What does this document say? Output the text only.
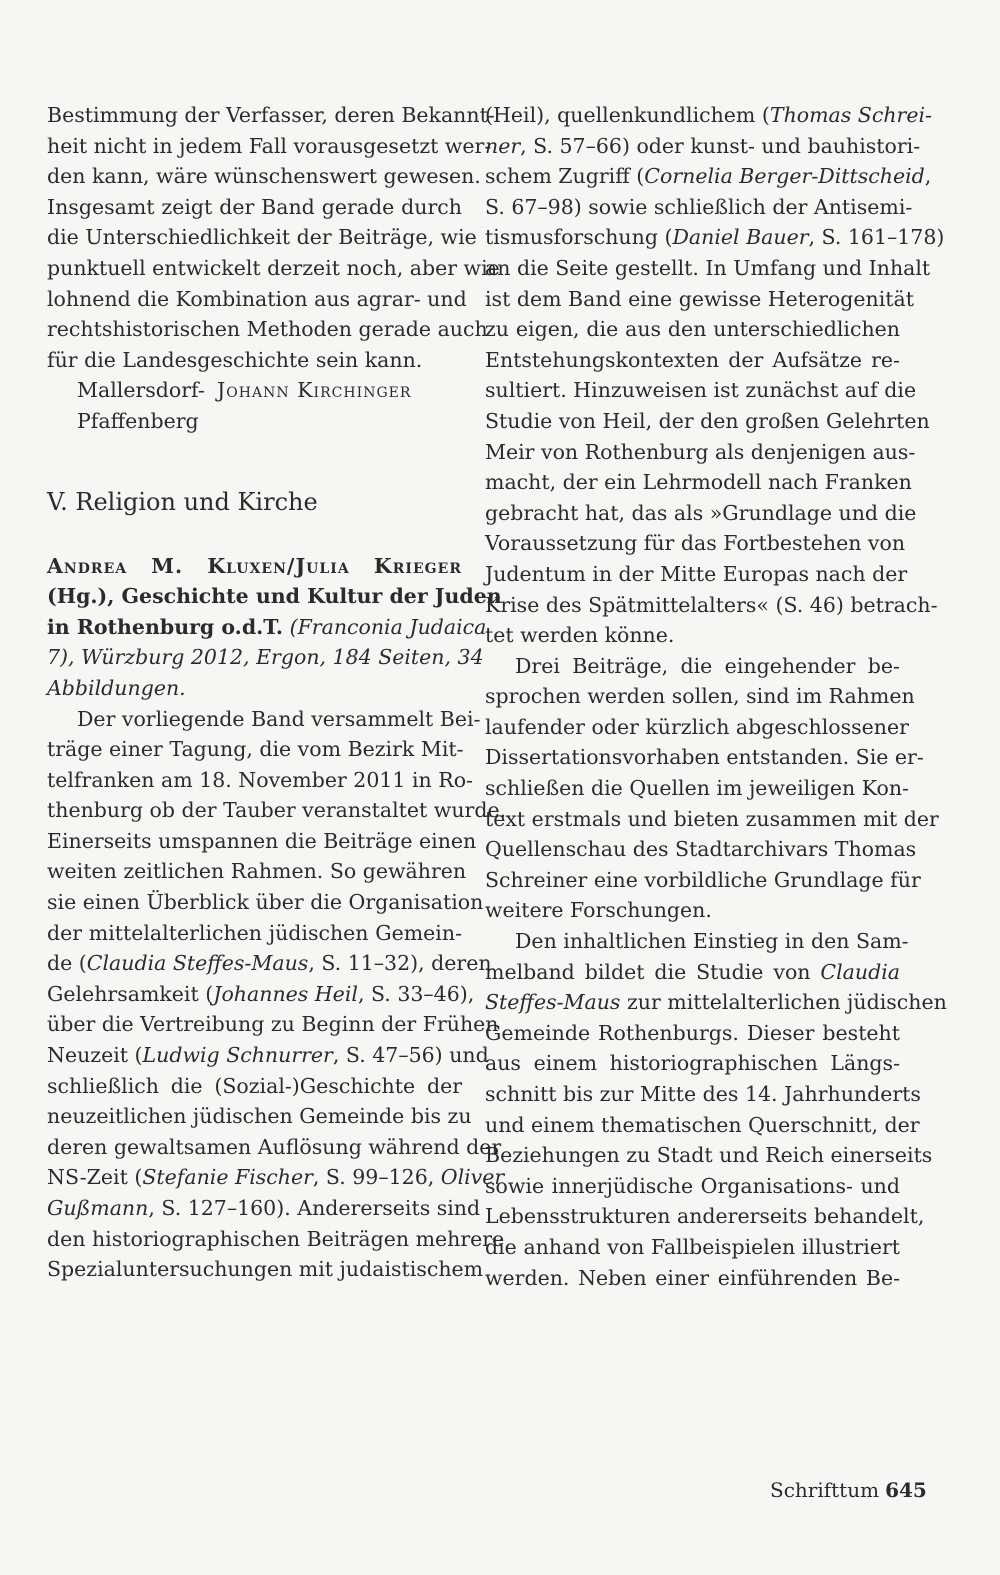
Bestimmung der Verfasser, deren Bekannt-
heit nicht in jedem Fall vorausgesetzt wer-
den kann, wäre wünschenswert gewesen.
Insgesamt zeigt der Band gerade durch
die Unterschiedlichkeit der Beiträge, wie
punktuell entwickelt derzeit noch, aber wie
lohnend die Kombination aus agrar- und
rechtshistorischen Methoden gerade auch
für die Landesgeschichte sein kann.
Mallersdorf- Johann Kirchinger
Pfaffenberg
V. Religion und Kirche
Andrea M. Kluxen/Julia Krieger
(Hg.), Geschichte und Kultur der Juden
in Rothenburg o.d.T. (Franconia Judaica
7), Würzburg 2012, Ergon, 184 Seiten, 34
Abbildungen.
Der vorliegende Band versammelt Bei-
träge einer Tagung, die vom Bezirk Mit-
telfranken am 18. November 2011 in Ro-
thenburg ob der Tauber veranstaltet wurde.
Einerseits umspannen die Beiträge einen
weiten zeitlichen Rahmen. So gewähren
sie einen Überblick über die Organisation
der mittelalterlichen jüdischen Gemein-
de (Claudia Steffes-Maus, S. 11–32), deren
Gelehrsamkeit (Johannes Heil, S. 33–46),
über die Vertreibung zu Beginn der Frühen
Neuzeit (Ludwig Schnurrer, S. 47–56) und
schließlich die (Sozial-)Geschichte der
neuzeitlichen jüdischen Gemeinde bis zu
deren gewaltsamen Auflösung während der
NS-Zeit (Stefanie Fischer, S. 99–126, Oliver
Gußmann, S. 127–160). Andererseits sind
den historiographischen Beiträgen mehrere
Spezialuntersuchungen mit judaistischem
(Heil), quellenkundlichem (Thomas Schrei-
ner, S. 57–66) oder kunst- und bauhistori-
schem Zugriff (Cornelia Berger-Dittscheid,
S. 67–98) sowie schließlich der Antisemi-
tismusforschung (Daniel Bauer, S. 161–178)
an die Seite gestellt. In Umfang und Inhalt
ist dem Band eine gewisse Heterogenität
zu eigen, die aus den unterschiedlichen
Entstehungskontexten der Aufsätze re-
sultiert. Hinzuweisen ist zunächst auf die
Studie von Heil, der den großen Gelehrten
Meir von Rothenburg als denjenigen aus-
macht, der ein Lehrmodell nach Franken
gebracht hat, das als »Grundlage und die
Voraussetzung für das Fortbestehen von
Judentum in der Mitte Europas nach der
Krise des Spätmittelalters« (S. 46) betrach-
tet werden könne.
Drei Beiträge, die eingehender be-
sprochen werden sollen, sind im Rahmen
laufender oder kürzlich abgeschlossener
Dissertationsvorhaben entstanden. Sie er-
schließen die Quellen im jeweiligen Kon-
text erstmals und bieten zusammen mit der
Quellenschau des Stadtarchivars Thomas
Schreiner eine vorbildliche Grundlage für
weitere Forschungen.
Den inhaltlichen Einstieg in den Sam-
melband bildet die Studie von Claudia
Steffes-Maus zur mittelalterlichen jüdischen
Gemeinde Rothenburgs. Dieser besteht
aus einem historiographischen Längs-
schnitt bis zur Mitte des 14. Jahrhunderts
und einem thematischen Querschnitt, der
Beziehungen zu Stadt und Reich einerseits
sowie innerjüdische Organisations- und
Lebensstrukturen andererseits behandelt,
die anhand von Fallbeispielen illustriert
werden. Neben einer einführenden Be-
Schrifttum 645
